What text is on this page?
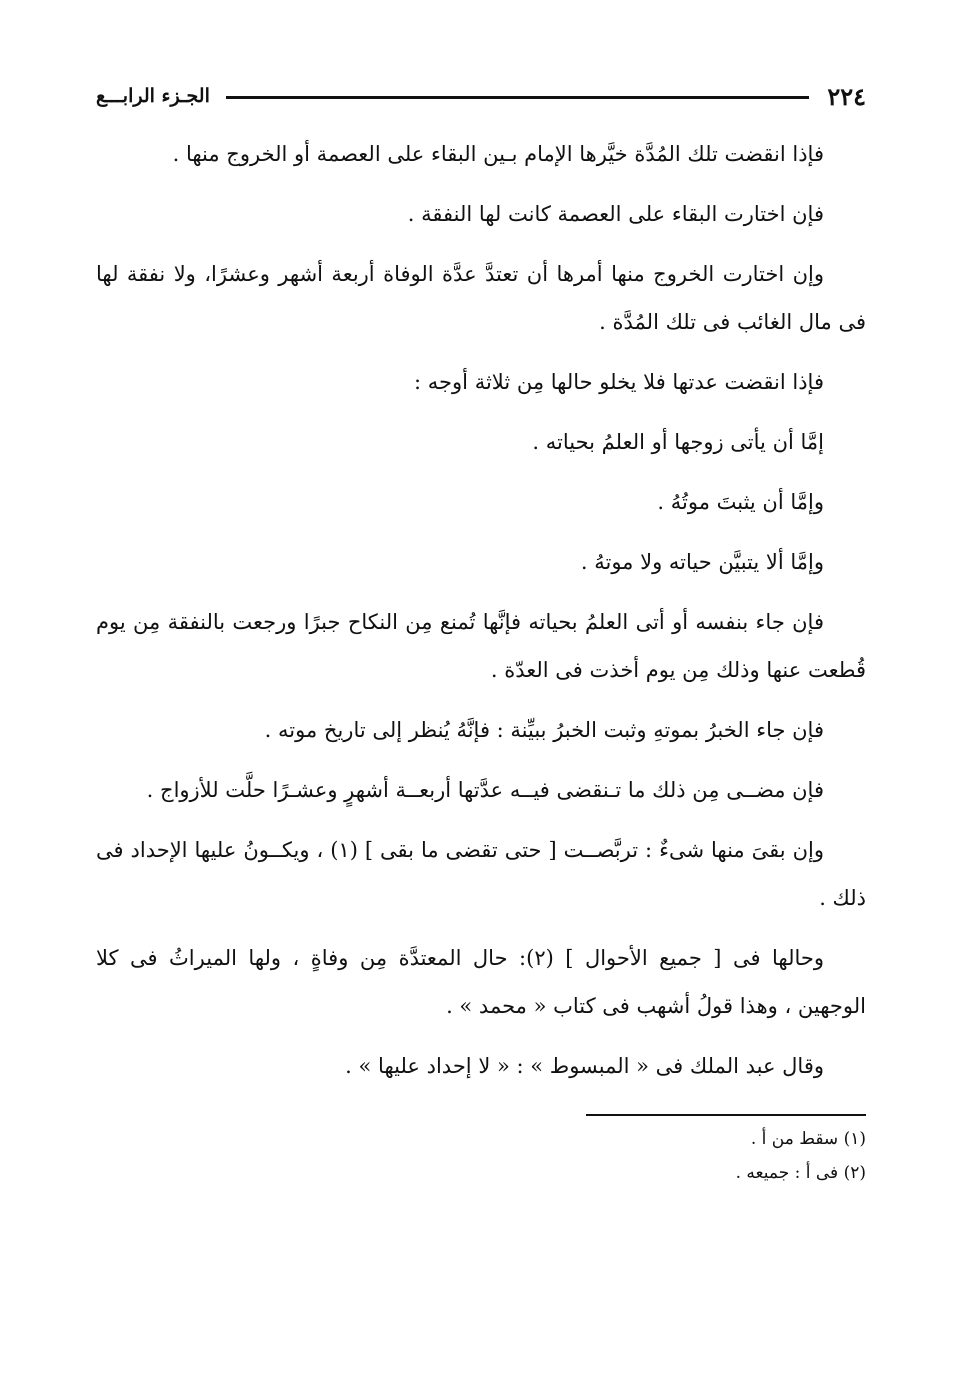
٢٢٤
الجـزء الرابـــع

فإذا انقضت تلك المُدَّة خيَّرها الإمام بـين البقاء على العصمة أو الخروج منها .

فإن اختارت البقاء على العصمة كانت لها النفقة .

وإن اختارت الخروج منها أمرها أن تعتدَّ عدَّة الوفاة أربعة أشهر وعشرًا، ولا نفقة لها فى مال الغائب فى تلك المُدَّة .

فإذا انقضت عدتها فلا يخلو حالها مِن ثلاثة أوجه :

إمَّا أن يأتى زوجها أو العلمُ بحياته .

وإمَّا أن يثبتَ موتُهُ .

وإمَّا ألا يتبيَّن حياته ولا موتهُ .

فإن جاء بنفسه أو أتى العلمُ بحياته فإنَّها تُمنع مِن النكاح جبرًا ورجعت بالنفقة مِن يوم قُطعت عنها وذلك مِن يوم أخذت فى العدّة .

فإن جاء الخبرُ بموتهِ وثبت الخبرُ ببيِّنة : فإنَّهُ يُنظر إلى تاريخ موته .

فإن مضــى مِن ذلك ما تـنقضى فيــه عدَّتها أربعــة أشهرٍ وعشـرًا حلَّت للأزواج .

وإن بقىَ منها شىءٌ : تربَّصــت [ حتى تقضى ما بقى ] (١) ، ويكــونُ عليها الإحداد فى ذلك .

وحالها فى [ جميع الأحوال ] (٢): حال المعتدَّة مِن وفاةٍ ، ولها الميراثُ فى كلا الوجهين ، وهذا قولُ أشهب فى كتاب « محمد » .

وقال عبد الملك فى « المبسوط » : « لا إحداد عليها » .

(١) سقط من أ .
(٢) فى أ : جميعه .
